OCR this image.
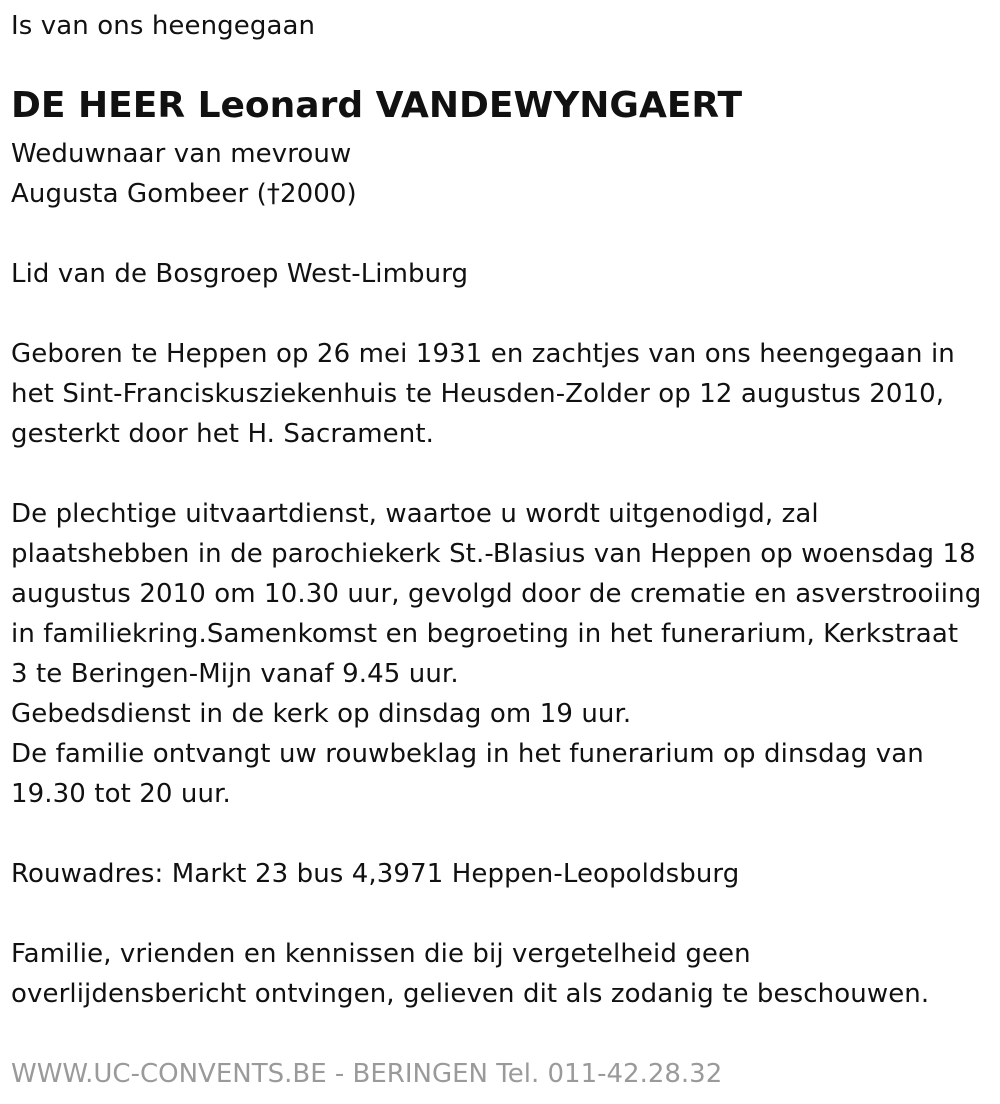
Is van ons heengegaan
DE HEER Leonard VANDEWYNGAERT
Weduwnaar van mevrouw
Augusta Gombeer (†2000)
Lid van de Bosgroep West-Limburg
Geboren te Heppen op 26 mei 1931 en zachtjes van ons heengegaan in
het Sint-Franciskusziekenhuis te Heusden-Zolder op 12 augustus 2010,
gesterkt door het H. Sacrament.
De plechtige uitvaartdienst, waartoe u wordt uitgenodigd, zal
plaatshebben in de parochiekerk St.-Blasius van Heppen op woensdag 18
augustus 2010 om 10.30 uur, gevolgd door de crematie en asverstrooiing
in familiekring.Samenkomst en begroeting in het funerarium, Kerkstraat
3 te Beringen-Mijn vanaf 9.45 uur.
Gebedsdienst in de kerk op dinsdag om 19 uur.
De familie ontvangt uw rouwbeklag in het funerarium op dinsdag van
19.30 tot 20 uur.
Rouwadres: Markt 23 bus 4,3971 Heppen-Leopoldsburg
Familie, vrienden en kennissen die bij vergetelheid geen
overlijdensbericht ontvingen, gelieven dit als zodanig te beschouwen.
WWW.UC-CONVENTS.BE - BERINGEN Tel. 011-42.28.32
